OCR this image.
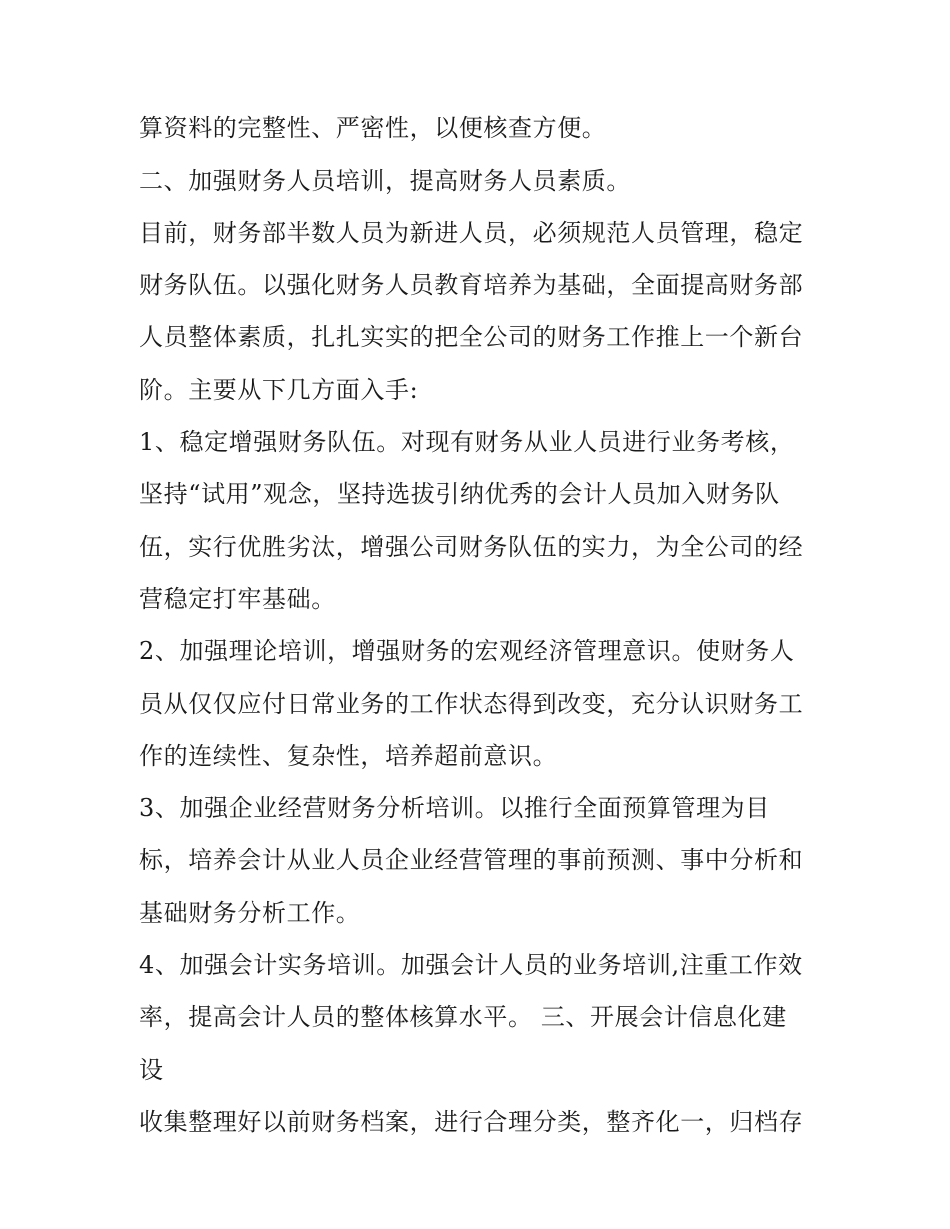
算资料的完整性、严密性，以便核查方便。

二、加强财务人员培训，提高财务人员素质。

目前，财务部半数人员为新进人员，必须规范人员管理，稳定

财务队伍。以强化财务人员教育培养为基础，全面提高财务部

人员整体素质，扎扎实实的把全公司的财务工作推上一个新台

阶。主要从下几方面入手:

1、稳定增强财务队伍。对现有财务从业人员进行业务考核，

坚持“试用”观念，坚持选拔引纳优秀的会计人员加入财务队

伍，实行优胜劣汰，增强公司财务队伍的实力，为全公司的经

营稳定打牢基础。

2、加强理论培训，增强财务的宏观经济管理意识。使财务人

员从仅仅应付日常业务的工作状态得到改变，充分认识财务工

作的连续性、复杂性，培养超前意识。

3、加强企业经营财务分析培训。以推行全面预算管理为目

标，培养会计从业人员企业经营管理的事前预测、事中分析和

基础财务分析工作。

4、加强会计实务培训。加强会计人员的业务培训,注重工作效

率，提高会计人员的整体核算水平。 三、开展会计信息化建

设

收集整理好以前财务档案，进行合理分类，整齐化一，归档存
